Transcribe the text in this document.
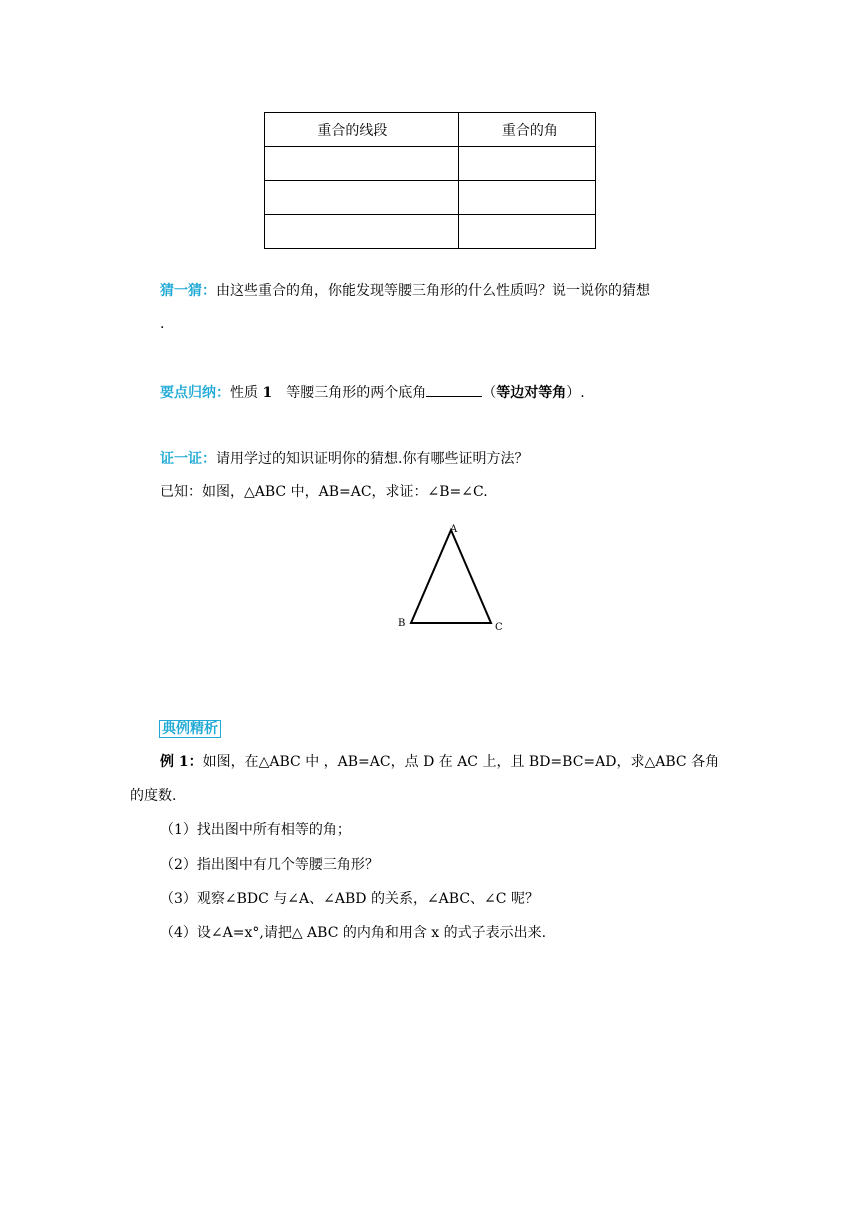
重合的线段	重合的角

猜一猜：由这些重合的角，你能发现等腰三角形的什么性质吗？说一说你的猜想
.
要点归纳：性质 1　等腰三角形的两个底角	（等边对等角）.
证一证：请用学过的知识证明你的猜想.你有哪些证明方法？
已知：如图，△ABC 中，AB=AC，求证：∠B=∠C.
A
B	C
典例精析
例 1：如图，在△ABC 中 ，AB=AC，点 D 在 AC 上，且 BD=BC=AD，求△ABC 各角
的度数.
（1）找出图中所有相等的角；
（2）指出图中有几个等腰三角形？
（3）观察∠BDC 与∠A、∠ABD 的关系，∠ABC、∠C 呢？
（4）设∠A=x°,请把△ ABC 的内角和用含 x 的式子表示出来.
